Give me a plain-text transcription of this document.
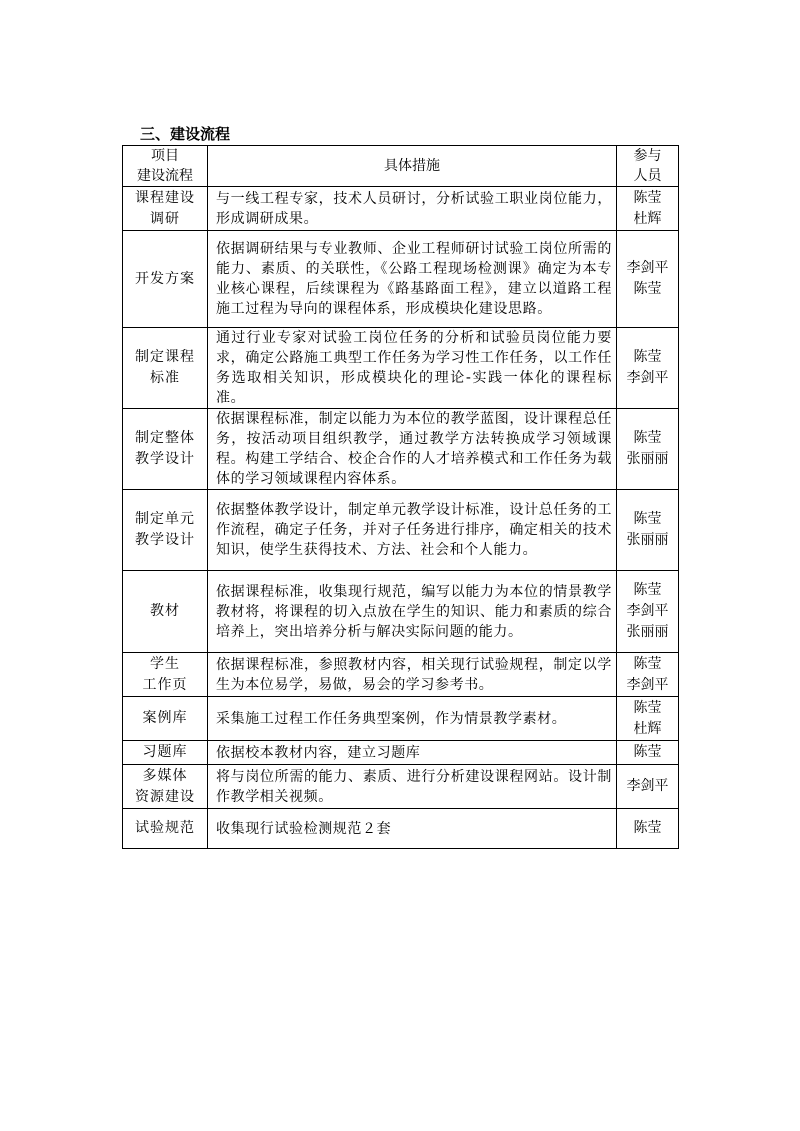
三、建设流程
项目
建设流程	具体措施	参与
人员

课程建设
调研	与一线工程专家，技术人员研讨，分析试验工职业岗位能力，形成调研成果。	陈莹
杜辉

开发方案	依据调研结果与专业教师、企业工程师研讨试验工岗位所需的能力、素质、的关联性，《公路工程现场检测课》确定为本专业核心课程，后续课程为《路基路面工程》，建立以道路工程施工过程为导向的课程体系，形成模块化建设思路。	李剑平
陈莹

制定课程
标准	通过行业专家对试验工岗位任务的分析和试验员岗位能力要求，确定公路施工典型工作任务为学习性工作任务，以工作任务选取相关知识，形成模块化的理论-实践一体化的课程标准。	陈莹
李剑平

制定整体
教学设计	依据课程标准，制定以能力为本位的教学蓝图，设计课程总任务，按活动项目组织教学，通过教学方法转换成学习领域课程。构建工学结合、校企合作的人才培养模式和工作任务为载体的学习领域课程内容体系。	陈莹
张丽丽

制定单元
教学设计	依据整体教学设计，制定单元教学设计标准，设计总任务的工作流程，确定子任务，并对子任务进行排序，确定相关的技术知识，使学生获得技术、方法、社会和个人能力。	陈莹
张丽丽

教材	依据课程标准，收集现行规范，编写以能力为本位的情景教学教材将，将课程的切入点放在学生的知识、能力和素质的综合培养上，突出培养分析与解决实际问题的能力。	陈莹
李剑平
张丽丽

学生
工作页	依据课程标准，参照教材内容，相关现行试验规程，制定以学生为本位易学，易做，易会的学习参考书。	陈莹
李剑平

案例库	采集施工过程工作任务典型案例，作为情景教学素材。	陈莹
杜辉

习题库	依据校本教材内容，建立习题库	陈莹

多媒体
资源建设	将与岗位所需的能力、素质、进行分析建设课程网站。设计制作教学相关视频。	李剑平

试验规范	收集现行试验检测规范２套	陈莹
